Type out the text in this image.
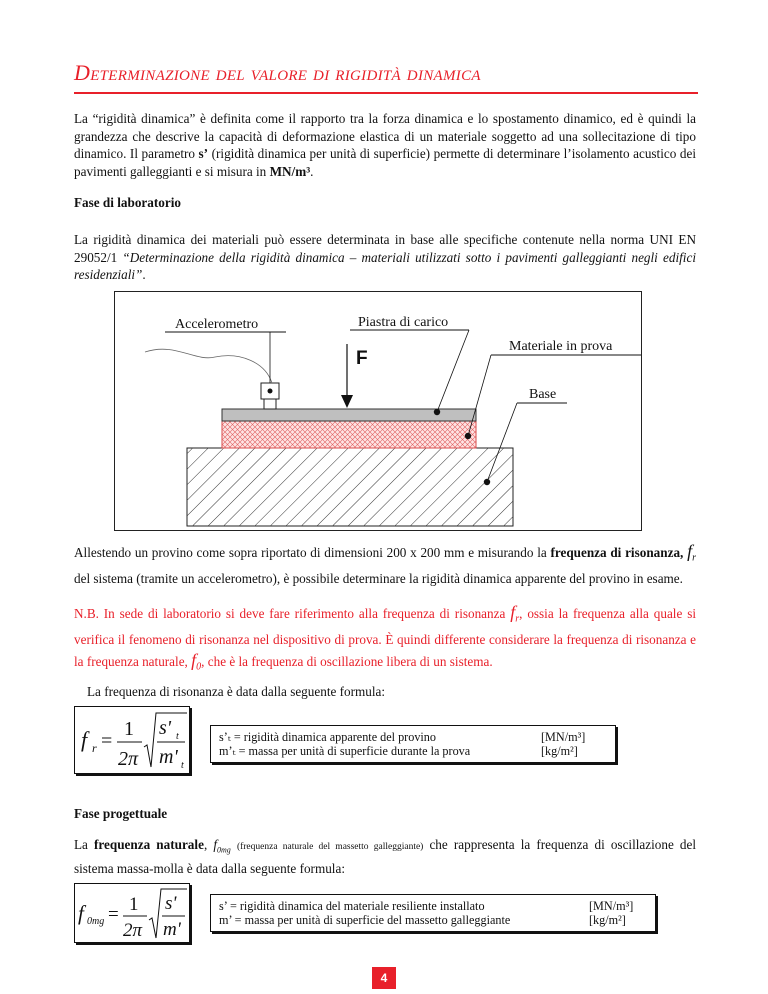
Determinazione del valore di rigidità dinamica
La “rigidità dinamica” è definita come il rapporto tra la forza dinamica e lo spostamento dinamico, ed è quindi la grandezza che descrive la capacità di deformazione elastica di un materiale soggetto ad una sollecitazione di tipo dinamico. Il parametro s’ (rigidità dinamica per unità di superficie) permette di determinare l’isolamento acustico dei pavimenti galleggianti e si misura in MN/m³.
Fase di laboratorio
La rigidità dinamica dei materiali può essere determinata in base alle specifiche contenute nella norma UNI EN 29052/1 “Determinazione della rigidità dinamica – materiali utilizzati sotto i pavimenti galleggianti negli edifici residenziali”.
F
Accelerometro	Piastra di carico
Materiale in prova
Base
Allestendo un provino come sopra riportato di dimensioni 200 x 200 mm e misurando la frequenza di risonanza, $f_r$ del sistema (tramite un accelerometro), è possibile determinare la rigidità dinamica apparente del provino in esame.
N.B. In sede di laboratorio si deve fare riferimento alla frequenza di risonanza $f_r$, ossia la frequenza alla quale si verifica il fenomeno di risonanza nel dispositivo di prova. È quindi differente considerare la frequenza di risonanza e la frequenza naturale, $f_0$, che è la frequenza di oscillazione libera di un sistema.
La frequenza di risonanza è data dalla seguente formula:
f r =
1
2π
s' t
m' t
s’ₜ = rigidità dinamica apparente del provino
m’ₜ = massa per unità di superficie durante la prova
[MN/m³]
[kg/m²]
Fase progettuale
La frequenza naturale, $f_{0mg}$ (frequenza naturale del massetto galleggiante) che rappresenta la frequenza di oscillazione del sistema massa-molla è data dalla seguente formula:
f 0mg = 1
2π
s'
m'
s’ = rigidità dinamica del materiale resiliente installato
m’ = massa per unità di superficie del massetto galleggiante
[MN/m³]
[kg/m²]
4
